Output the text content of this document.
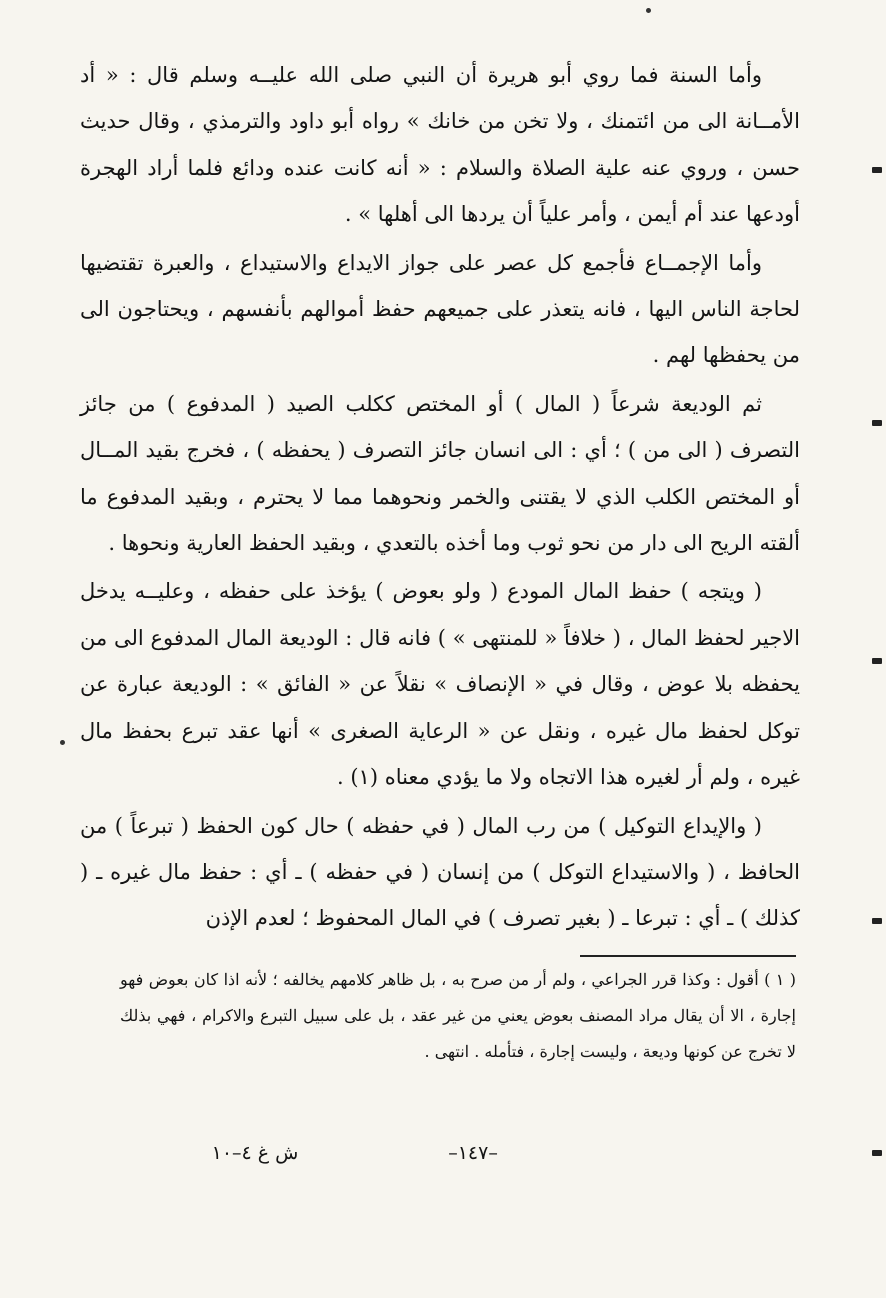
وأما السنة فما روي أبو هريرة أن النبي صلى الله عليــه وسلم قال : « أد الأمــانة الى من ائتمنك ، ولا تخن من خانك » رواه أبو داود والترمذي ، وقال حديث حسن ، وروي عنه علية الصلاة والسلام : « أنه كانت عنده ودائع فلما أراد الهجرة أودعها عند أم أيمن ، وأمر علياً أن يردها الى أهلها » .

وأما الإجمــاع فأجمع كل عصر على جواز الايداع والاستيداع ، والعبرة تقتضيها لحاجة الناس اليها ، فانه يتعذر على جميعهم حفظ أموالهم بأنفسهم ، ويحتاجون الى من يحفظها لهم .

ثم الوديعة شرعاً ( المال ) أو المختص ككلب الصيد ( المدفوع ) من جائز التصرف ( الى من ) ؛ أي : الى انسان جائز التصرف ( يحفظه ) ، فخرج بقيد المــال أو المختص الكلب الذي لا يقتنى والخمر ونحوهما مما لا يحترم ، وبقيد المدفوع ما ألقته الريح الى دار من نحو ثوب وما أخذه بالتعدي ، وبقيد الحفظ العارية ونحوها .

( ويتجه ) حفظ المال المودع ( ولو بعوض ) يؤخذ على حفظه ، وعليــه يدخل الاجير لحفظ المال ، ( خلافاً « للمنتهى » ) فانه قال : الوديعة المال المدفوع الى من يحفظه بلا عوض ، وقال في « الإنصاف » نقلاً عن « الفائق » : الوديعة عبارة عن توكل لحفظ مال غيره ، ونقل عن « الرعاية الصغرى » أنها عقد تبرع بحفظ مال غيره ، ولم أر لغيره هذا الاتجاه ولا ما يؤدي معناه (١) .

( والإيداع التوكيل ) من رب المال ( في حفظه ) حال كون الحفظ ( تبرعاً ) من الحافظ ، ( والاستيداع التوكل ) من إنسان ( في حفظه ) ـ أي : حفظ مال غيره ـ ( كذلك ) ـ أي : تبرعا ـ ( بغير تصرف ) في المال المحفوظ ؛ لعدم الإذن

( ١ ) أقول : وكذا قرر الجراعي ، ولم أر من صرح به ، بل ظاهر كلامهم يخالفه ؛ لأنه اذا كان بعوض فهو إجارة ، الا أن يقال مراد المصنف بعوض يعني من غير عقد ، بل على سبيل التبرع والاكرام ، فهي بذلك لا تخرج عن كونها وديعة ، وليست إجارة ، فتأمله . انتهى .

–١٤٧–
ش غ ٤–١٠
